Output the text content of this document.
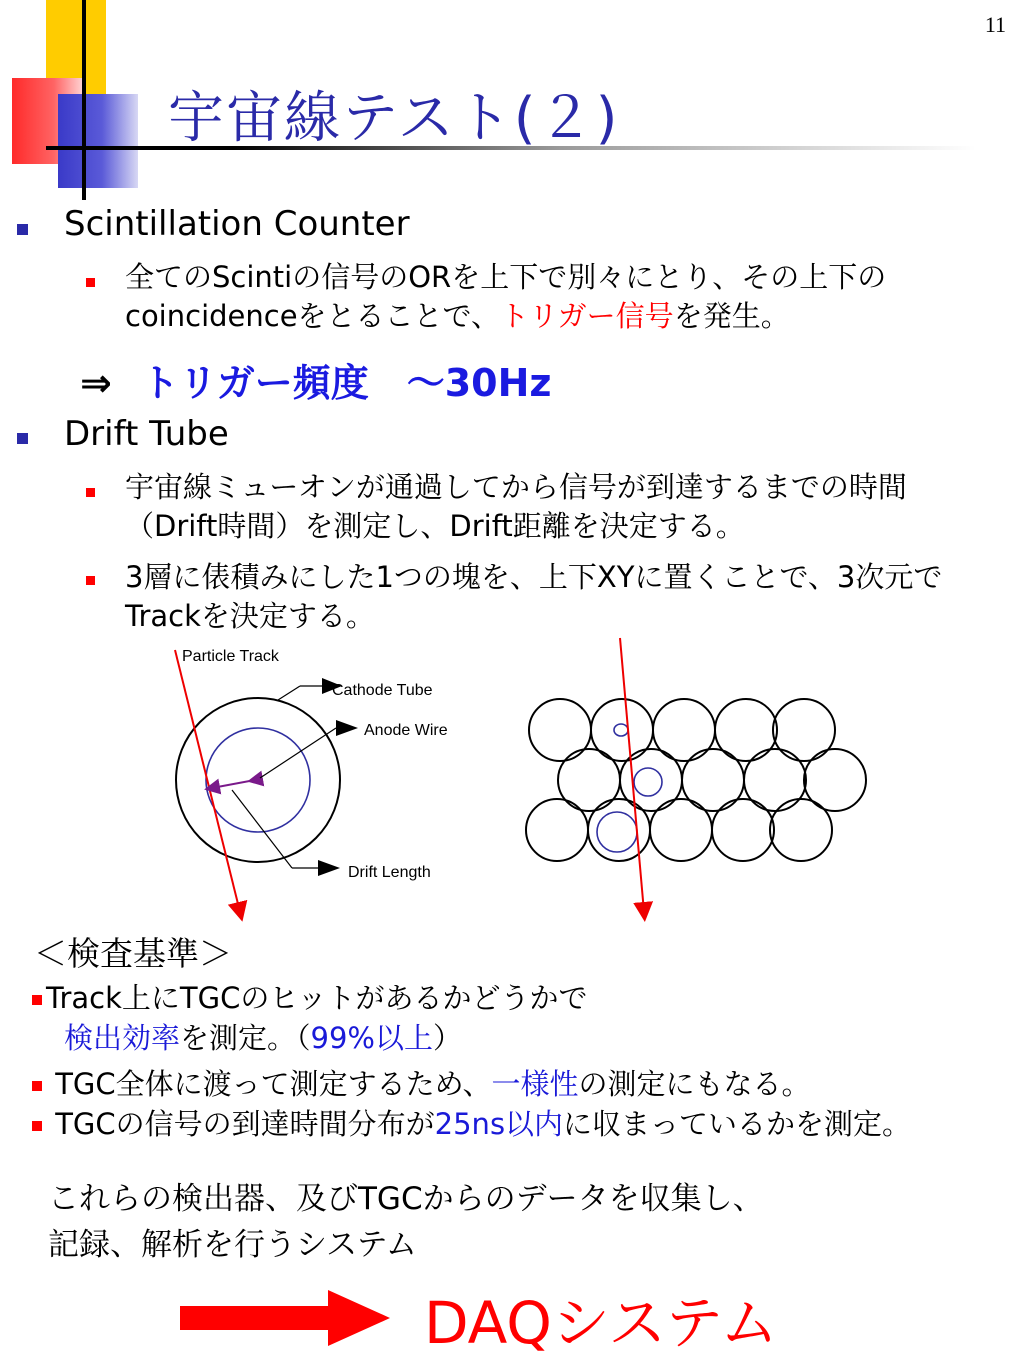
11
宇宙線テスト(２)
Scintillation Counter
全てのScintiの信号のORを上下で別々にとり、その上下の
coincidenceをとることで、トリガー信号を発生。
⇒ トリガー頻度　～30Hz
Drift Tube
宇宙線ミューオンが通過してから信号が到達するまでの時間
（Drift時間）を測定し、Drift距離を決定する。
3層に俵積みにした1つの塊を、上下XYに置くことで、3次元で
Trackを決定する。
Particle Track
Cathode Tube
Anode Wire
Drift Length
＜検査基準＞
Track上にTGCのヒットがあるかどうかで
検出効率を測定。（99%以上）
TGC全体に渡って測定するため、一様性の測定にもなる。
TGCの信号の到達時間分布が25ns以内に収まっているかを測定。
これらの検出器、及びTGCからのデータを収集し、
記録、解析を行うシステム
DAQシステム
